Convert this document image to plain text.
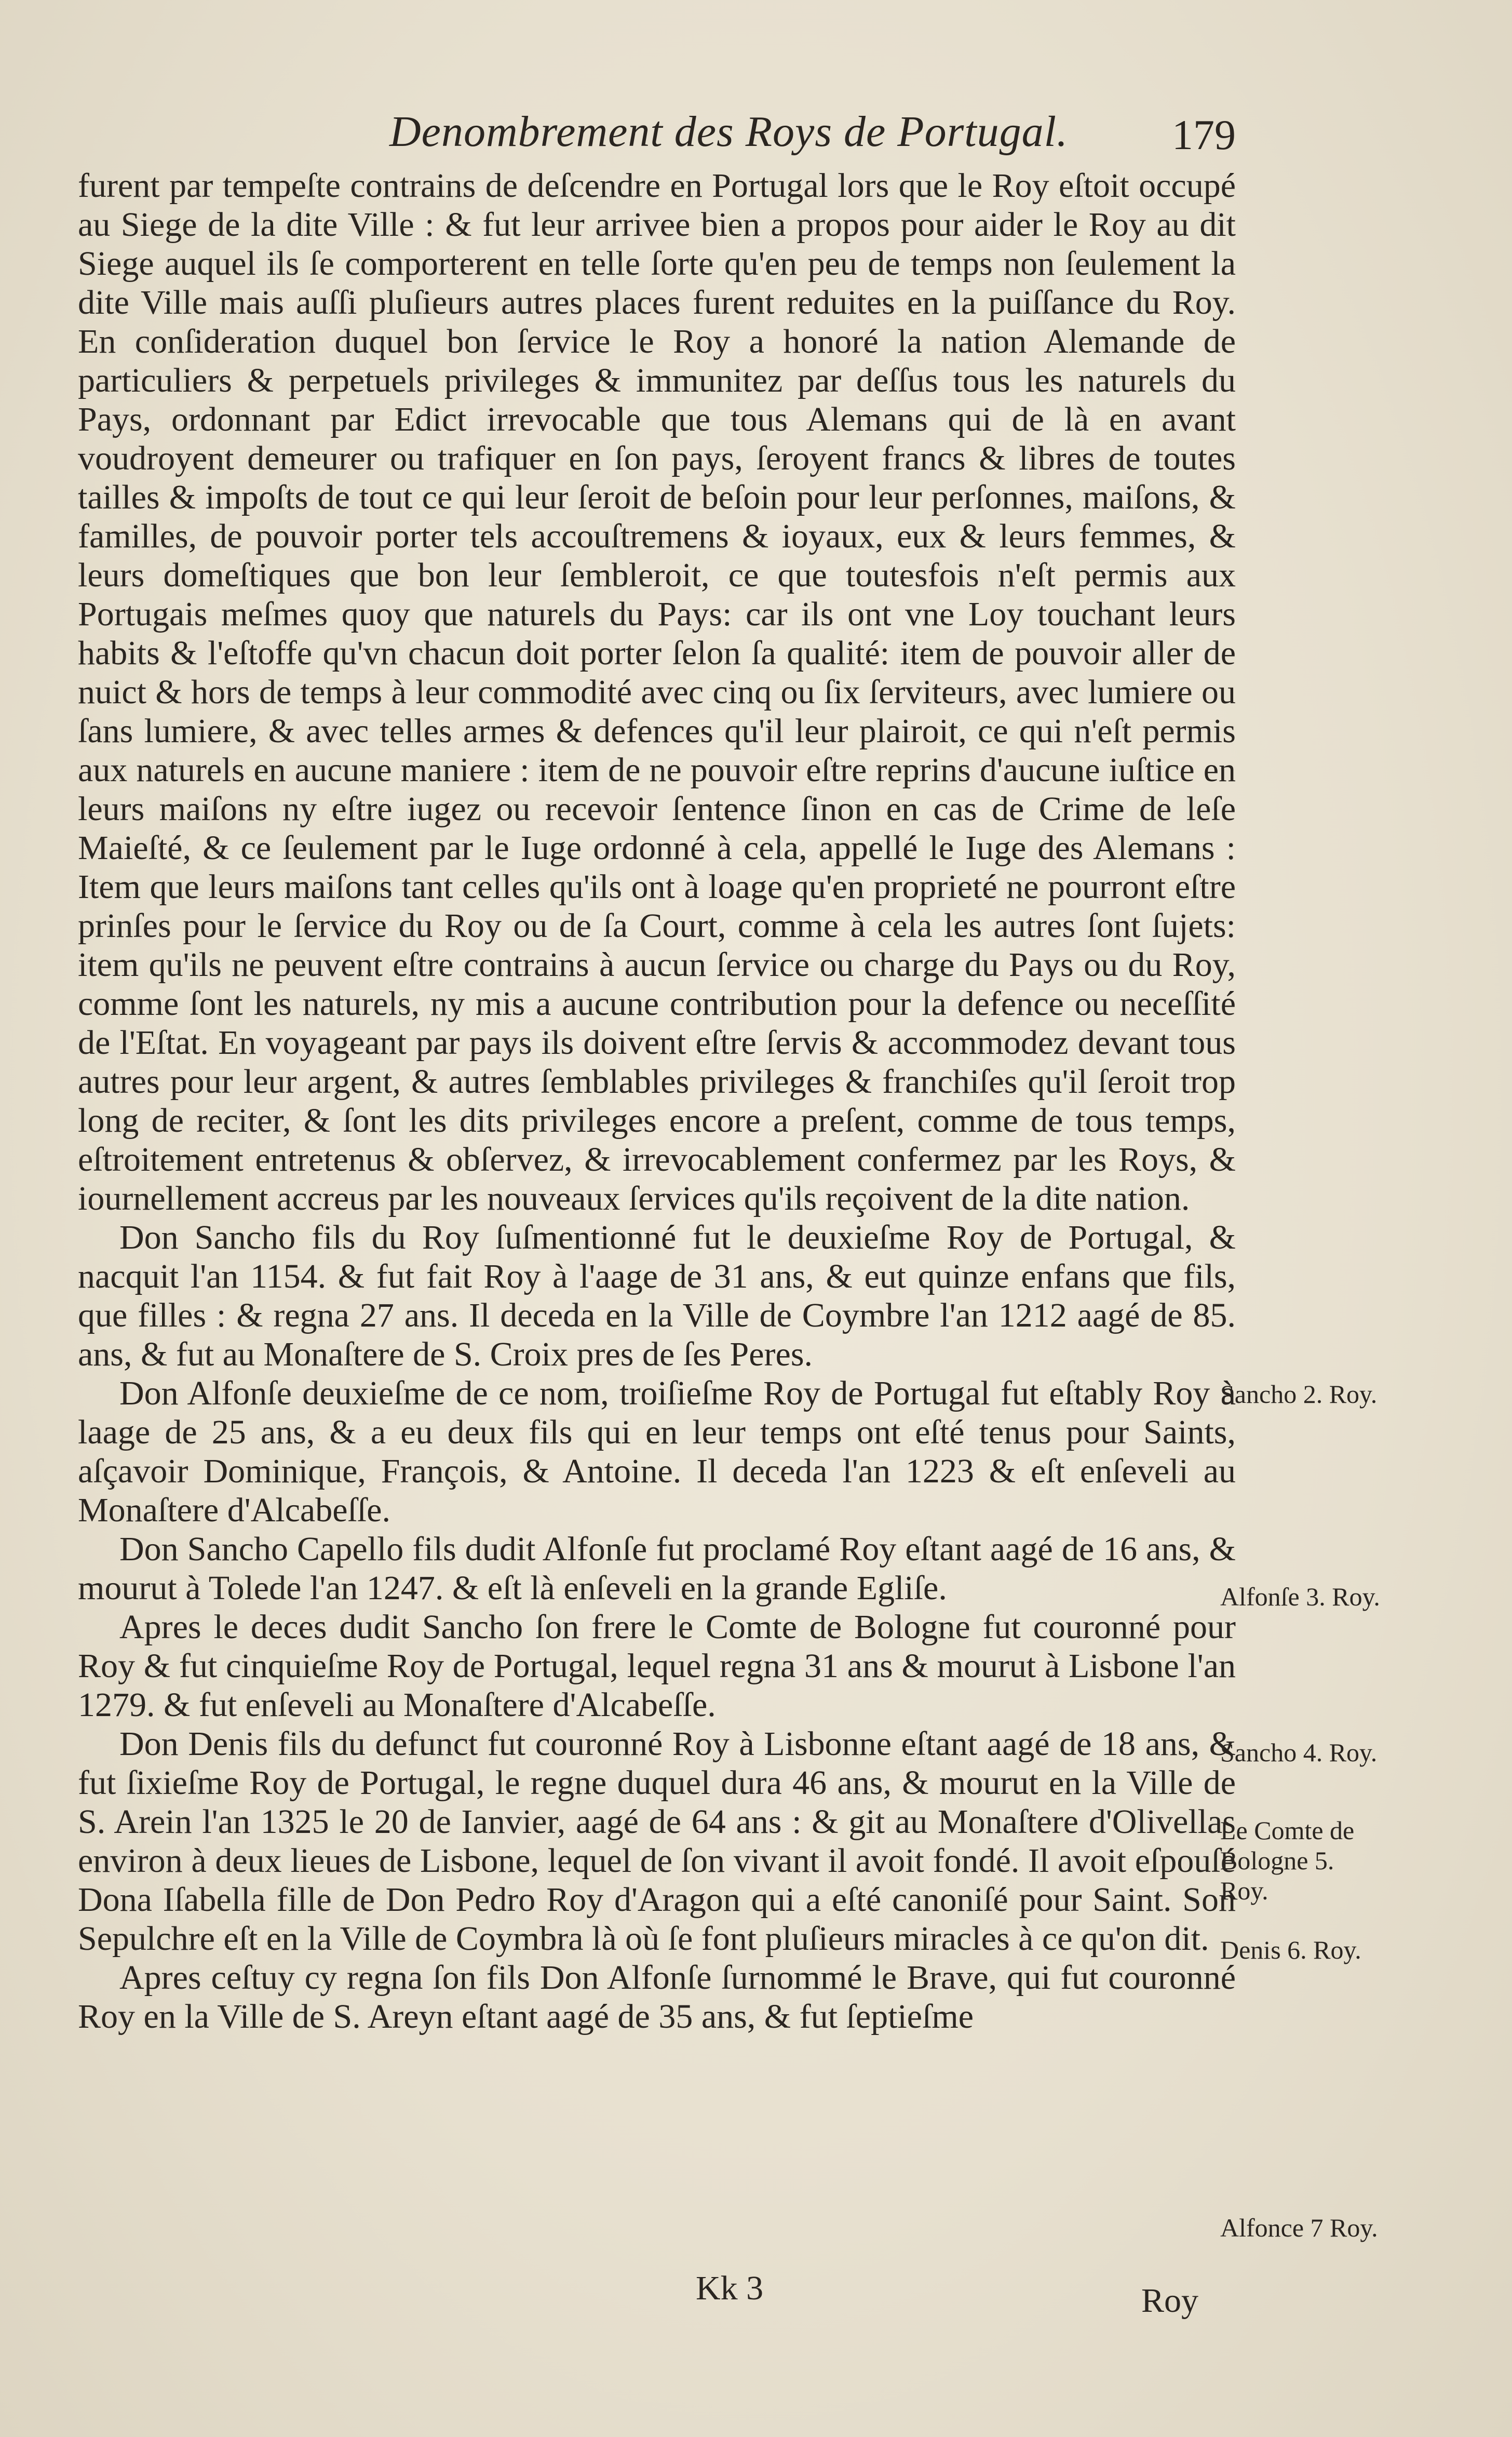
Denombrement des Roys de Portugal. 179

furent par tempeſte contrains de deſcendre en Portugal lors que le Roy eſtoit occupé au Siege de la dite Ville : & fut leur arrivee bien a propos pour aider le Roy au dit Siege auquel ils ſe comporterent en telle ſorte qu'en peu de temps non ſeulement la dite Ville mais auſſi pluſieurs autres places furent reduites en la puiſſance du Roy. En conſideration duquel bon ſervice le Roy a honoré la nation Alemande de particuliers & perpetuels privileges & immunitez par deſſus tous les naturels du Pays, ordonnant par Edict irrevocable que tous Alemans qui de là en avant voudroyent demeurer ou trafiquer en ſon pays, ſeroyent francs & libres de toutes tailles & impoſts de tout ce qui leur ſeroit de beſoin pour leur perſonnes, maiſons, & familles, de pouvoir porter tels accouſtremens & ioyaux, eux & leurs femmes, & leurs domeſtiques que bon leur ſembleroit, ce que toutesfois n'eſt permis aux Portugais meſmes quoy que naturels du Pays: car ils ont vne Loy touchant leurs habits & l'eſtoffe qu'vn chacun doit porter ſelon ſa qualité: item de pouvoir aller de nuict & hors de temps à leur commodité avec cinq ou ſix ſerviteurs, avec lumiere ou ſans lumiere, & avec telles armes & defences qu'il leur plairoit, ce qui n'eſt permis aux naturels en aucune maniere : item de ne pouvoir eſtre reprins d'aucune iuſtice en leurs maiſons ny eſtre iugez ou recevoir ſentence ſinon en cas de Crime de leſe Maieſté, & ce ſeulement par le Iuge ordonné à cela, appellé le Iuge des Alemans : Item que leurs maiſons tant celles qu'ils ont à loage qu'en proprieté ne pourront eſtre prinſes pour le ſervice du Roy ou de ſa Court, comme à cela les autres ſont ſujets: item qu'ils ne peuvent eſtre contrains à aucun ſervice ou charge du Pays ou du Roy, comme ſont les naturels, ny mis a aucune contribution pour la defence ou neceſſité de l'Eſtat. En voyageant par pays ils doivent eſtre ſervis & accommodez devant tous autres pour leur argent, & autres ſemblables privileges & franchiſes qu'il ſeroit trop long de reciter, & ſont les dits privileges encore a preſent, comme de tous temps, eſtroitement entretenus & obſervez, & irrevocablement confermez par les Roys, & iournellement accreus par les nouveaux ſervices qu'ils reçoivent de la dite nation.

Don Sancho fils du Roy ſuſmentionné fut le deuxieſme Roy de Portugal, & nacquit l'an 1154. & fut fait Roy à l'aage de 31 ans, & eut quinze enfans que fils, que filles : & regna 27 ans. Il deceda en la Ville de Coymbre l'an 1212 aagé de 85. ans, & fut au Monaſtere de S. Croix pres de ſes Peres.

Don Alfonſe deuxieſme de ce nom, troiſieſme Roy de Portugal fut eſtably Roy à laage de 25 ans, & a eu deux fils qui en leur temps ont eſté tenus pour Saints, aſçavoir Dominique, François, & Antoine. Il deceda l'an 1223 & eſt enſeveli au Monaſtere d'Alcabeſſe.

Don Sancho Capello fils dudit Alfonſe fut proclamé Roy eſtant aagé de 16 ans, & mourut à Tolede l'an 1247. & eſt là enſeveli en la grande Egliſe.

Apres le deces dudit Sancho ſon frere le Comte de Bologne fut couronné pour Roy & fut cinquieſme Roy de Portugal, lequel regna 31 ans & mourut à Lisbone l'an 1279. & fut enſeveli au Monaſtere d'Alcabeſſe.

Don Denis fils du defunct fut couronné Roy à Lisbonne eſtant aagé de 18 ans, & fut ſixieſme Roy de Portugal, le regne duquel dura 46 ans, & mourut en la Ville de S. Arein l'an 1325 le 20 de Ianvier, aagé de 64 ans : & git au Monaſtere d'Olivellas environ à deux lieues de Lisbone, lequel de ſon vivant il avoit fondé. Il avoit eſpouſé Dona Iſabella fille de Don Pedro Roy d'Aragon qui a eſté canoniſé pour Saint. Son Sepulchre eſt en la Ville de Coymbra là où ſe font pluſieurs miracles à ce qu'on dit.

Apres ceſtuy cy regna ſon fils Don Alfonſe ſurnommé le Brave, qui fut couronné Roy en la Ville de S. Areyn eſtant aagé de 35 ans, & fut ſeptieſme

Sancho 2. Roy.
Alfonſe 3. Roy.
Sancho 4. Roy.
Le Comte de Bologne 5. Roy.
Denis 6. Roy.
Alfonce 7 Roy.
Kk 3	Roy
